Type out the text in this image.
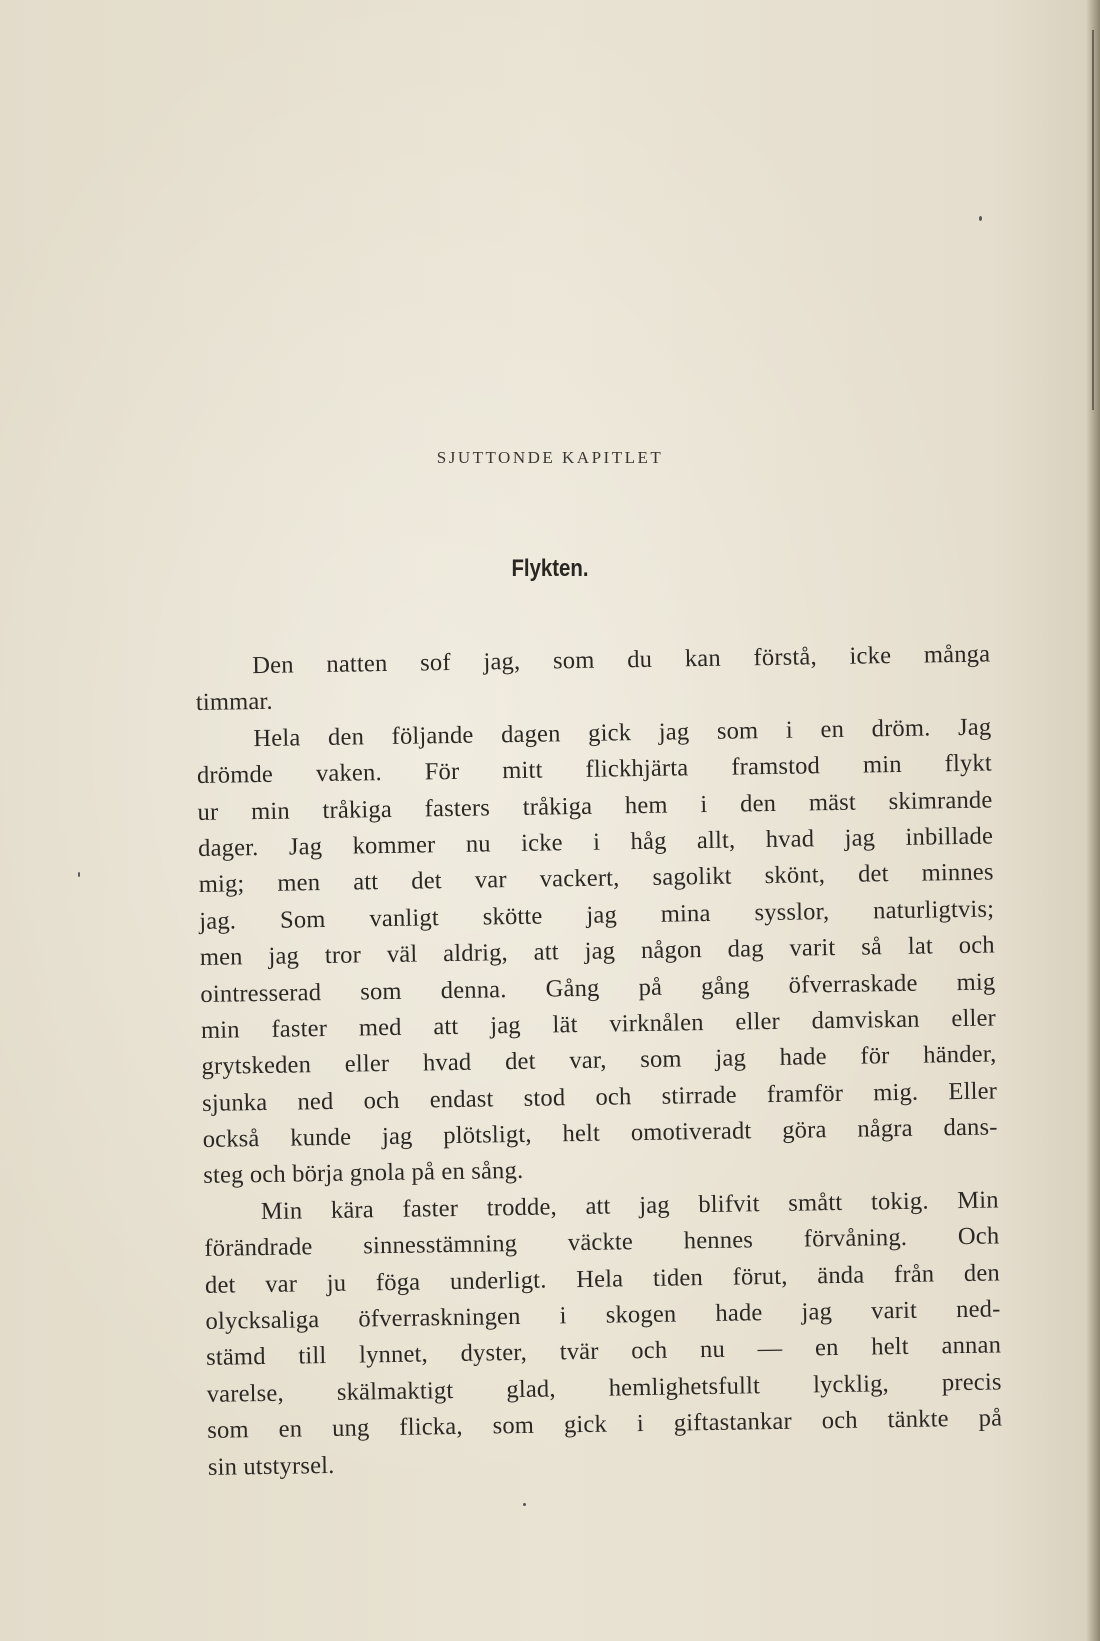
SJUTTONDE KAPITLET
Flykten.
Den natten sof jag, som du kan förstå, icke många
timmar.
Hela den följande dagen gick jag som i en dröm. Jag
drömde vaken. För mitt flickhjärta framstod min flykt
ur min tråkiga fasters tråkiga hem i den mäst skimrande
dager. Jag kommer nu icke i håg allt, hvad jag inbillade
mig; men att det var vackert, sagolikt skönt, det minnes
jag. Som vanligt skötte jag mina sysslor, naturligtvis;
men jag tror väl aldrig, att jag någon dag varit så lat och
ointresserad som denna. Gång på gång öfverraskade mig
min faster med att jag lät virknålen eller damviskan eller
grytskeden eller hvad det var, som jag hade för händer,
sjunka ned och endast stod och stirrade framför mig. Eller
också kunde jag plötsligt, helt omotiveradt göra några dans-
steg och börja gnola på en sång.
Min kära faster trodde, att jag blifvit smått tokig. Min
förändrade sinnesstämning väckte hennes förvåning. Och
det var ju föga underligt. Hela tiden förut, ända från den
olycksaliga öfverraskningen i skogen hade jag varit ned-
stämd till lynnet, dyster, tvär och nu — en helt annan
varelse, skälmaktigt glad, hemlighetsfullt lycklig, precis
som en ung flicka, som gick i giftastankar och tänkte på
sin utstyrsel.
